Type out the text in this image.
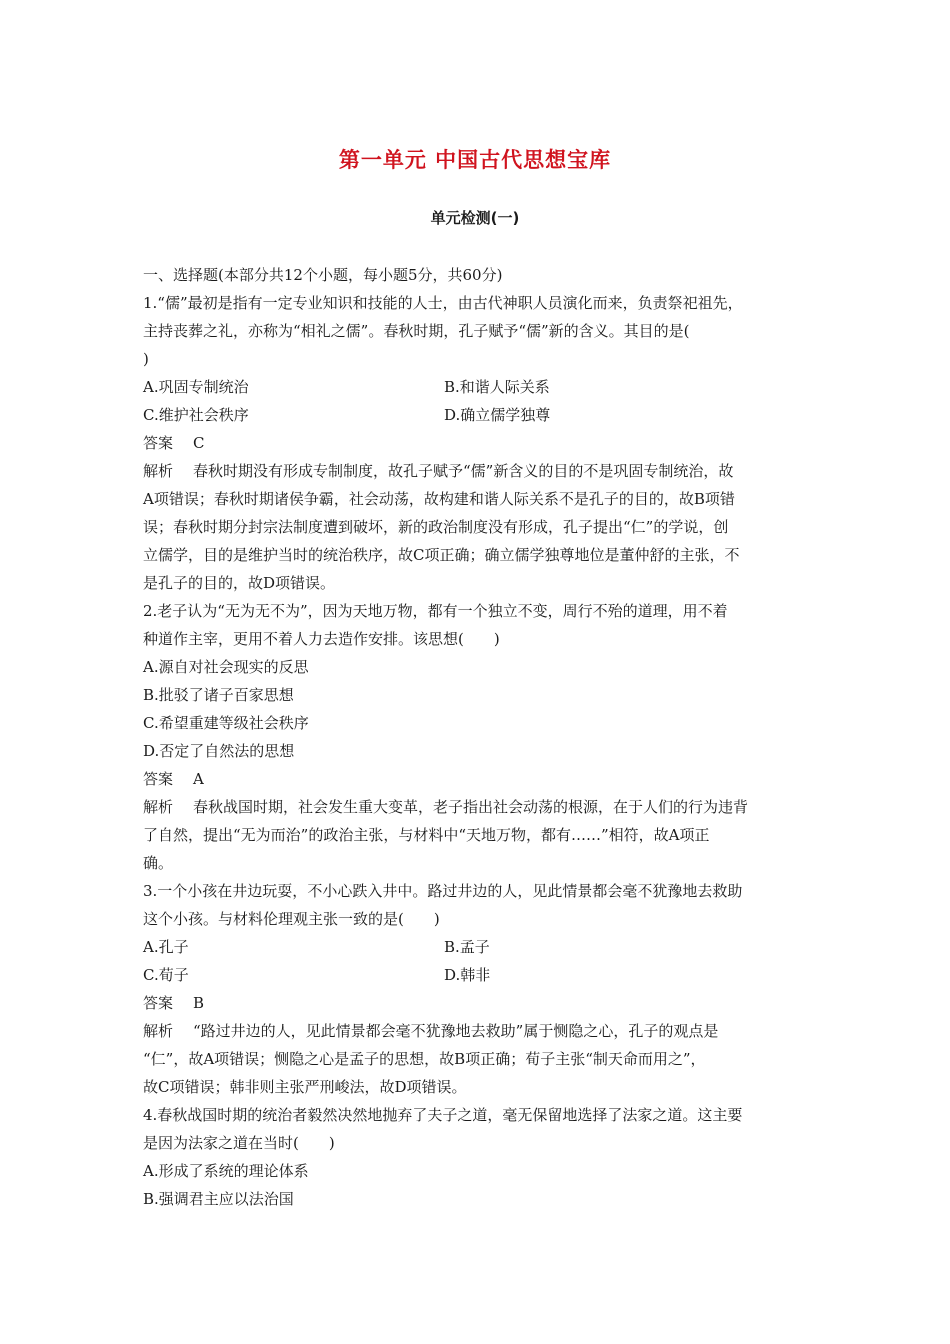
第一单元 中国古代思想宝库
单元检测(一)
一、选择题(本部分共12个小题，每小题5分，共60分)
1.“儒”最初是指有一定专业知识和技能的人士，由古代神职人员演化而来，负责祭祀祖先，
主持丧葬之礼，亦称为“相礼之儒”。春秋时期，孔子赋予“儒”新的含义。其目的是(
)
A.巩固专制统治	B.和谐人际关系
C.维护社会秩序	D.确立儒学独尊
答案 C
解析 春秋时期没有形成专制制度，故孔子赋予“儒”新含义的目的不是巩固专制统治，故
A项错误；春秋时期诸侯争霸，社会动荡，故构建和谐人际关系不是孔子的目的，故B项错
误；春秋时期分封宗法制度遭到破坏，新的政治制度没有形成，孔子提出“仁”的学说，创
立儒学，目的是维护当时的统治秩序，故C项正确；确立儒学独尊地位是董仲舒的主张，不
是孔子的目的，故D项错误。
2.老子认为“无为无不为”，因为天地万物，都有一个独立不变，周行不殆的道理，用不着
种道作主宰，更用不着人力去造作安排。该思想(　　)
A.源自对社会现实的反思
B.批驳了诸子百家思想
C.希望重建等级社会秩序
D.否定了自然法的思想
答案 A
解析 春秋战国时期，社会发生重大变革，老子指出社会动荡的根源，在于人们的行为违背
了自然，提出“无为而治”的政治主张，与材料中“天地万物，都有……”相符，故A项正
确。
3.一个小孩在井边玩耍，不小心跌入井中。路过井边的人，见此情景都会毫不犹豫地去救助
这个小孩。与材料伦理观主张一致的是(　　)
A.孔子	B.孟子
C.荀子	D.韩非
答案 B
解析 “路过井边的人，见此情景都会毫不犹豫地去救助”属于恻隐之心，孔子的观点是
“仁”，故A项错误；恻隐之心是孟子的思想，故B项正确；荀子主张“制天命而用之”，
故C项错误；韩非则主张严刑峻法，故D项错误。
4.春秋战国时期的统治者毅然决然地抛弃了夫子之道，毫无保留地选择了法家之道。这主要
是因为法家之道在当时(　　)
A.形成了系统的理论体系
B.强调君主应以法治国
